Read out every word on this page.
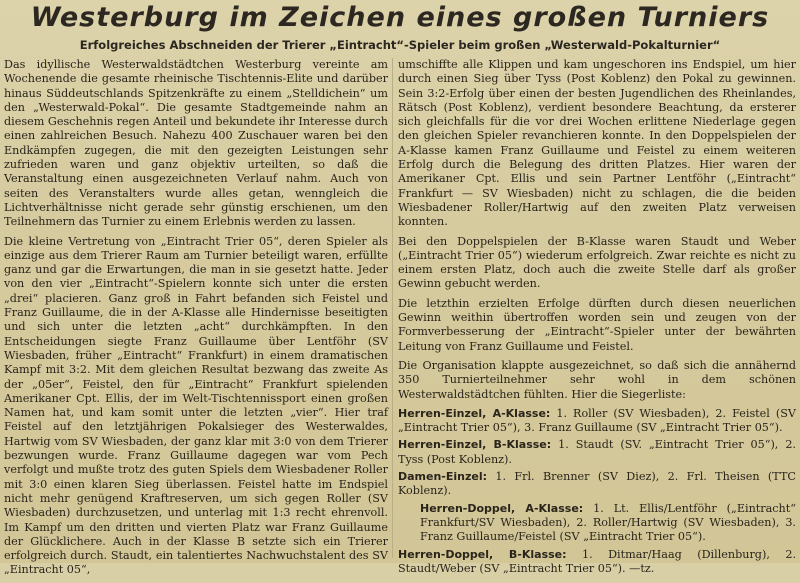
Westerburg im Zeichen eines großen Turniers
Erfolgreiches Abschneiden der Trierer „Eintracht“-Spieler beim großen „Westerwald-Pokalturnier“

Das idyllische Westerwaldstädtchen Westerburg vereinte am Wochenende die gesamte rheinische Tischtennis-Elite und darüber hinaus Süddeutschlands Spitzenkräfte zu einem „Stelldichein“ um den „Westerwald-Pokal“. Die gesamte Stadtgemeinde nahm an diesem Geschehnis regen Anteil und bekundete ihr Interesse durch einen zahlreichen Besuch. Nahezu 400 Zuschauer waren bei den Endkämpfen zugegen, die mit den gezeigten Leistungen sehr zufrieden waren und ganz objektiv urteilten, so daß die Veranstaltung einen ausgezeichneten Verlauf nahm. Auch von seiten des Veranstalters wurde alles getan, wenngleich die Lichtverhältnisse nicht gerade sehr günstig erschienen, um den Teilnehmern das Turnier zu einem Erlebnis werden zu lassen.

Die kleine Vertretung von „Eintracht Trier 05“, deren Spieler als einzige aus dem Trierer Raum am Turnier beteiligt waren, erfüllte ganz und gar die Erwartungen, die man in sie gesetzt hatte. Jeder von den vier „Eintracht“-Spielern konnte sich unter die ersten „drei“ placieren. Ganz groß in Fahrt befanden sich Feistel und Franz Guillaume, die in der A-Klasse alle Hindernisse beseitigten und sich unter die letzten „acht“ durchkämpften. In den Entscheidungen siegte Franz Guillaume über Lentföhr (SV Wiesbaden, früher „Eintracht“ Frankfurt) in einem dramatischen Kampf mit 3:2. Mit dem gleichen Resultat bezwang das zweite As der „05er“, Feistel, den für „Eintracht“ Frankfurt spielenden Amerikaner Cpt. Ellis, der im Welt-Tischtennissport einen großen Namen hat, und kam somit unter die letzten „vier“. Hier traf Feistel auf den letztjährigen Pokalsieger des Westerwaldes, Hartwig vom SV Wiesbaden, der ganz klar mit 3:0 von dem Trierer bezwungen wurde. Franz Guillaume dagegen war vom Pech verfolgt und mußte trotz des guten Spiels dem Wiesbadener Roller mit 3:0 einen klaren Sieg überlassen. Feistel hatte im Endspiel nicht mehr genügend Kraftreserven, um sich gegen Roller (SV Wiesbaden) durchzusetzen, und unterlag mit 1:3 recht ehrenvoll. Im Kampf um den dritten und vierten Platz war Franz Guillaume der Glücklichere. Auch in der Klasse B setzte sich ein Trierer erfolgreich durch. Staudt, ein talentiertes Nachwuchstalent des SV „Eintracht 05“,

umschiffte alle Klippen und kam ungeschoren ins Endspiel, um hier durch einen Sieg über Tyss (Post Koblenz) den Pokal zu gewinnen. Sein 3:2-Erfolg über einen der besten Jugendlichen des Rheinlandes, Rätsch (Post Koblenz), verdient besondere Beachtung, da ersterer sich gleichfalls für die vor drei Wochen erlittene Niederlage gegen den gleichen Spieler revanchieren konnte. In den Doppelspielen der A-Klasse kamen Franz Guillaume und Feistel zu einem weiteren Erfolg durch die Belegung des dritten Platzes. Hier waren der Amerikaner Cpt. Ellis und sein Partner Lentföhr („Eintracht“ Frankfurt — SV Wiesbaden) nicht zu schlagen, die die beiden Wiesbadener Roller/Hartwig auf den zweiten Platz verweisen konnten.

Bei den Doppelspielen der B-Klasse waren Staudt und Weber („Eintracht Trier 05“) wiederum erfolgreich. Zwar reichte es nicht zu einem ersten Platz, doch auch die zweite Stelle darf als großer Gewinn gebucht werden.

Die letzthin erzielten Erfolge dürften durch diesen neuerlichen Gewinn weithin übertroffen worden sein und zeugen von der Formverbesserung der „Eintracht“-Spieler unter der bewährten Leitung von Franz Guillaume und Feistel.

Die Organisation klappte ausgezeichnet, so daß sich die annähernd 350 Turnierteilnehmer sehr wohl in dem schönen Westerwaldstädtchen fühlten. Hier die Siegerliste:

Herren-Einzel, A-Klasse: 1. Roller (SV Wiesbaden), 2. Feistel (SV „Eintracht Trier 05“), 3. Franz Guillaume (SV „Eintracht Trier 05“).
Herren-Einzel, B-Klasse: 1. Staudt (SV. „Eintracht Trier 05“), 2. Tyss (Post Koblenz).
Damen-Einzel: 1. Frl. Brenner (SV Diez), 2. Frl. Theisen (TTC Koblenz).
Herren-Doppel, A-Klasse: 1. Lt. Ellis/Lentföhr („Eintracht“ Frankfurt/SV Wiesbaden), 2. Roller/Hartwig (SV Wiesbaden), 3. Franz Guillaume/Feistel (SV „Eintracht Trier 05“).
Herren-Doppel, B-Klasse: 1. Ditmar/Haag (Dillenburg), 2. Staudt/Weber (SV „Eintracht Trier 05“). —tz.
